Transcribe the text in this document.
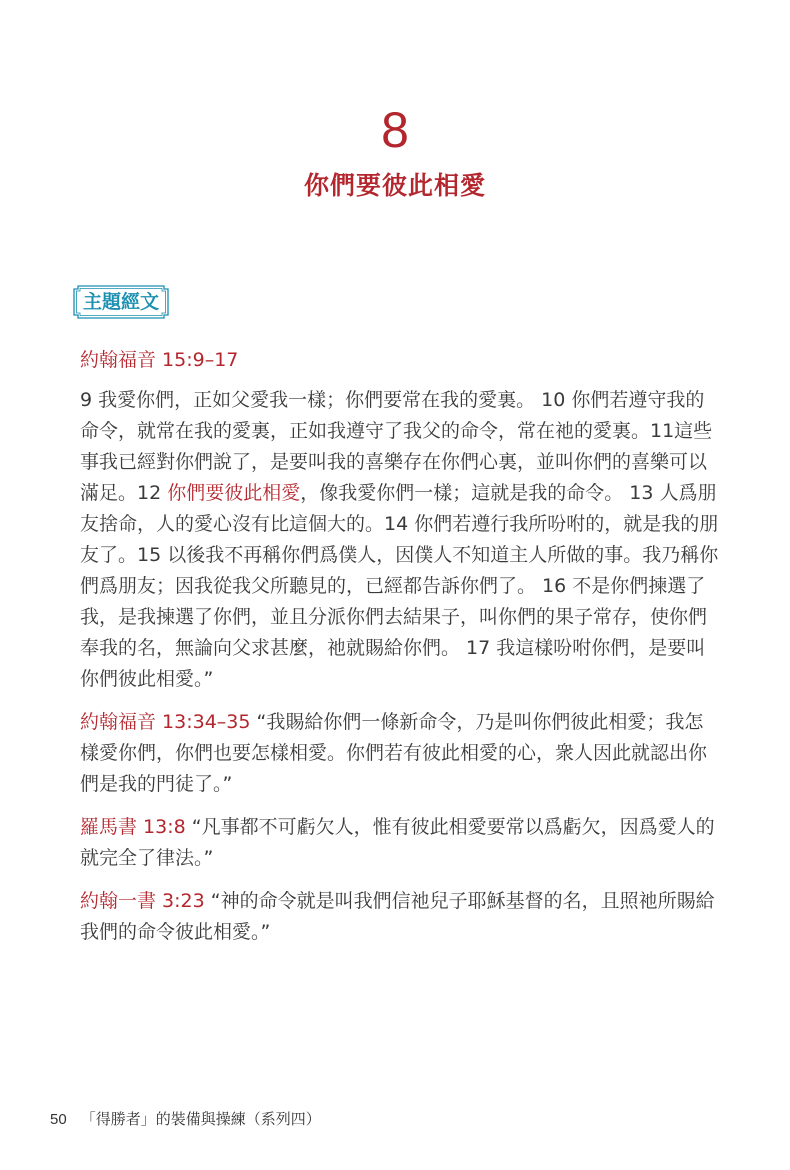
8
你們要彼此相愛
主題經文
約翰福音 15:9–17
9 我愛你們，正如父愛我一樣；你們要常在我的愛裏。 10 你們若遵守我的命令，就常在我的愛裏，正如我遵守了我父的命令，常在祂的愛裏。11這些事我已經對你們說了，是要叫我的喜樂存在你們心裏，並叫你們的喜樂可以滿足。12 你們要彼此相愛，像我愛你們一樣；這就是我的命令。 13 人爲朋友捨命，人的愛心沒有比這個大的。14 你們若遵行我所吩咐的，就是我的朋友了。15 以後我不再稱你們爲僕人，因僕人不知道主人所做的事。我乃稱你們爲朋友；因我從我父所聽見的，已經都告訴你們了。 16 不是你們揀選了我，是我揀選了你們，並且分派你們去結果子，叫你們的果子常存，使你們奉我的名，無論向父求甚麼，祂就賜給你們。 17 我這樣吩咐你們，是要叫你們彼此相愛。”
約翰福音 13:34–35 “我賜給你們一條新命令，乃是叫你們彼此相愛；我怎樣愛你們，你們也要怎樣相愛。你們若有彼此相愛的心，衆人因此就認出你們是我的門徒了。”
羅馬書 13:8 “凡事都不可虧欠人，惟有彼此相愛要常以爲虧欠，因爲愛人的就完全了律法。”
約翰一書 3:23 “神的命令就是叫我們信祂兒子耶穌基督的名，且照祂所賜給我們的命令彼此相愛。”
50 「得勝者」的裝備與操練（系列四）
